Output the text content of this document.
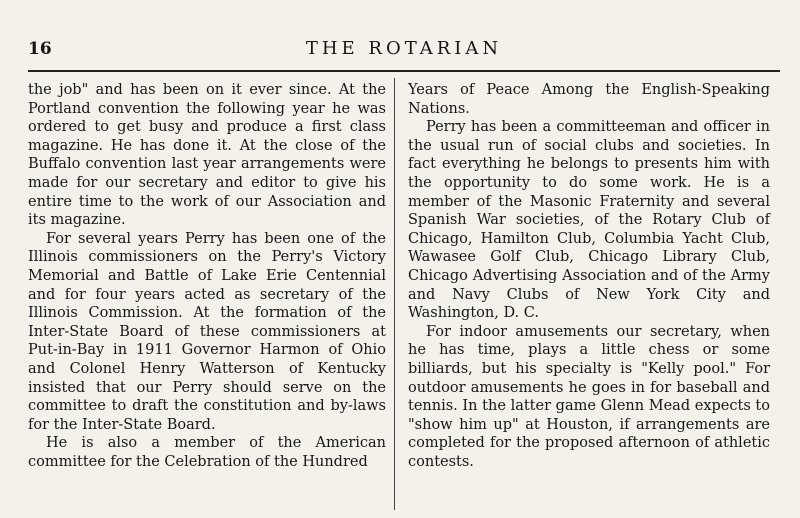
16	THE ROTARIAN

the job" and has been on it ever since. At the Portland convention the following year he was ordered to get busy and produce a first class magazine. He has done it. At the close of the Buffalo convention last year arrangements were made for our secretary and editor to give his entire time to the work of our Association and its magazine.

For several years Perry has been one of the Illinois commissioners on the Perry's Victory Memorial and Battle of Lake Erie Centennial and for four years acted as secretary of the Illinois Commission. At the formation of the Inter-State Board of these commissioners at Put-in-Bay in 1911 Governor Harmon of Ohio and Colonel Henry Watterson of Kentucky insisted that our Perry should serve on the committee to draft the constitution and by-laws for the Inter-State Board.

He is also a member of the American committee for the Celebration of the Hundred

Years of Peace Among the English-Speaking Nations.

Perry has been a committeeman and officer in the usual run of social clubs and societies. In fact everything he belongs to presents him with the opportunity to do some work. He is a member of the Masonic Fraternity and several Spanish War societies, of the Rotary Club of Chicago, Hamilton Club, Columbia Yacht Club, Wawasee Golf Club, Chicago Library Club, Chicago Advertising Association and of the Army and Navy Clubs of New York City and Washington, D. C.

For indoor amusements our secretary, when he has time, plays a little chess or some billiards, but his specialty is "Kelly pool." For outdoor amusements he goes in for baseball and tennis. In the latter game Glenn Mead expects to "show him up" at Houston, if arrangements are completed for the proposed afternoon of athletic contests.
